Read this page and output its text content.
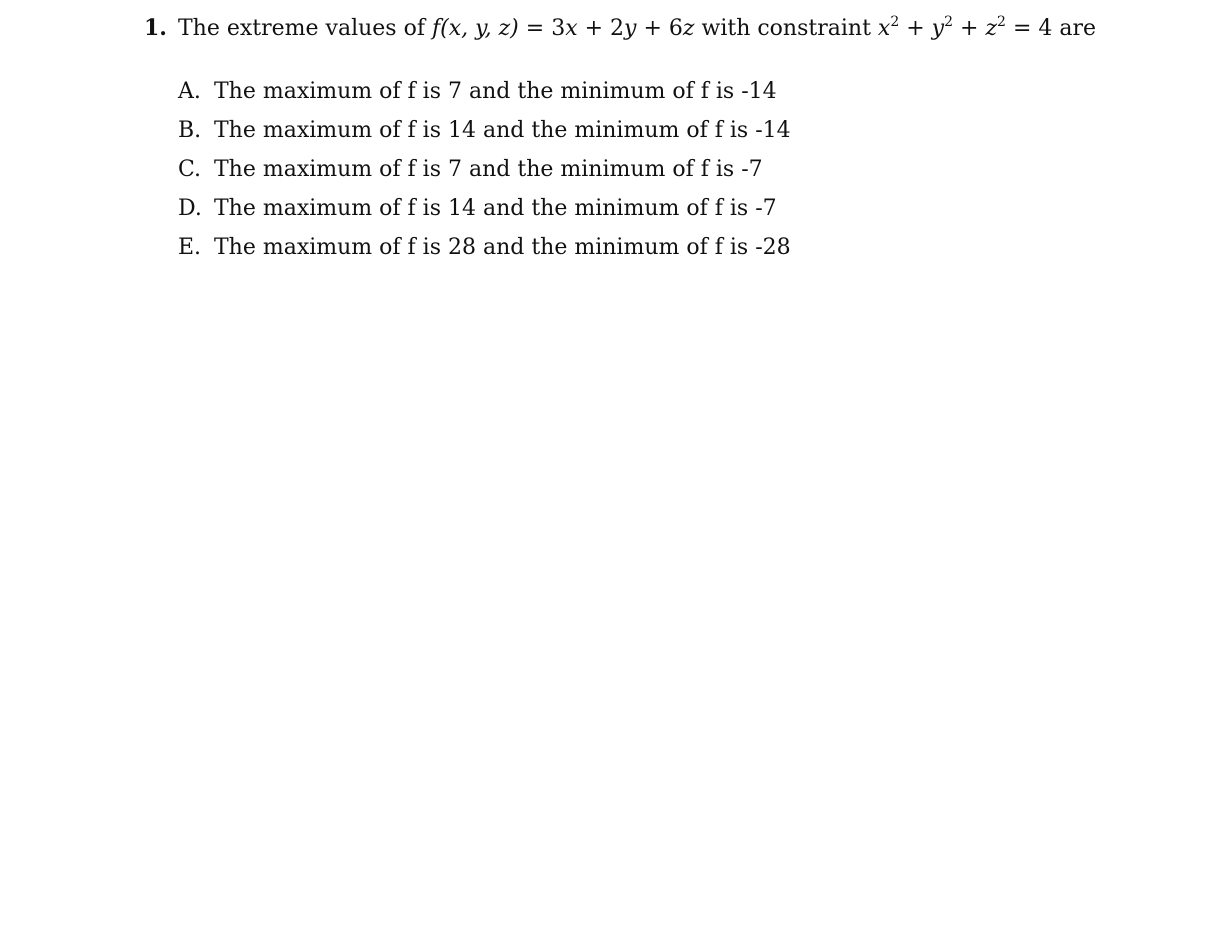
1. The extreme values of f(x, y, z) = 3x + 2y + 6z with constraint $x^2 + y^2 + z^2 = 4$ are
A. The maximum of f is 7 and the minimum of f is -14
B. The maximum of f is 14 and the minimum of f is -14
C. The maximum of f is 7 and the minimum of f is -7
D. The maximum of f is 14 and the minimum of f is -7
E. The maximum of f is 28 and the minimum of f is -28
